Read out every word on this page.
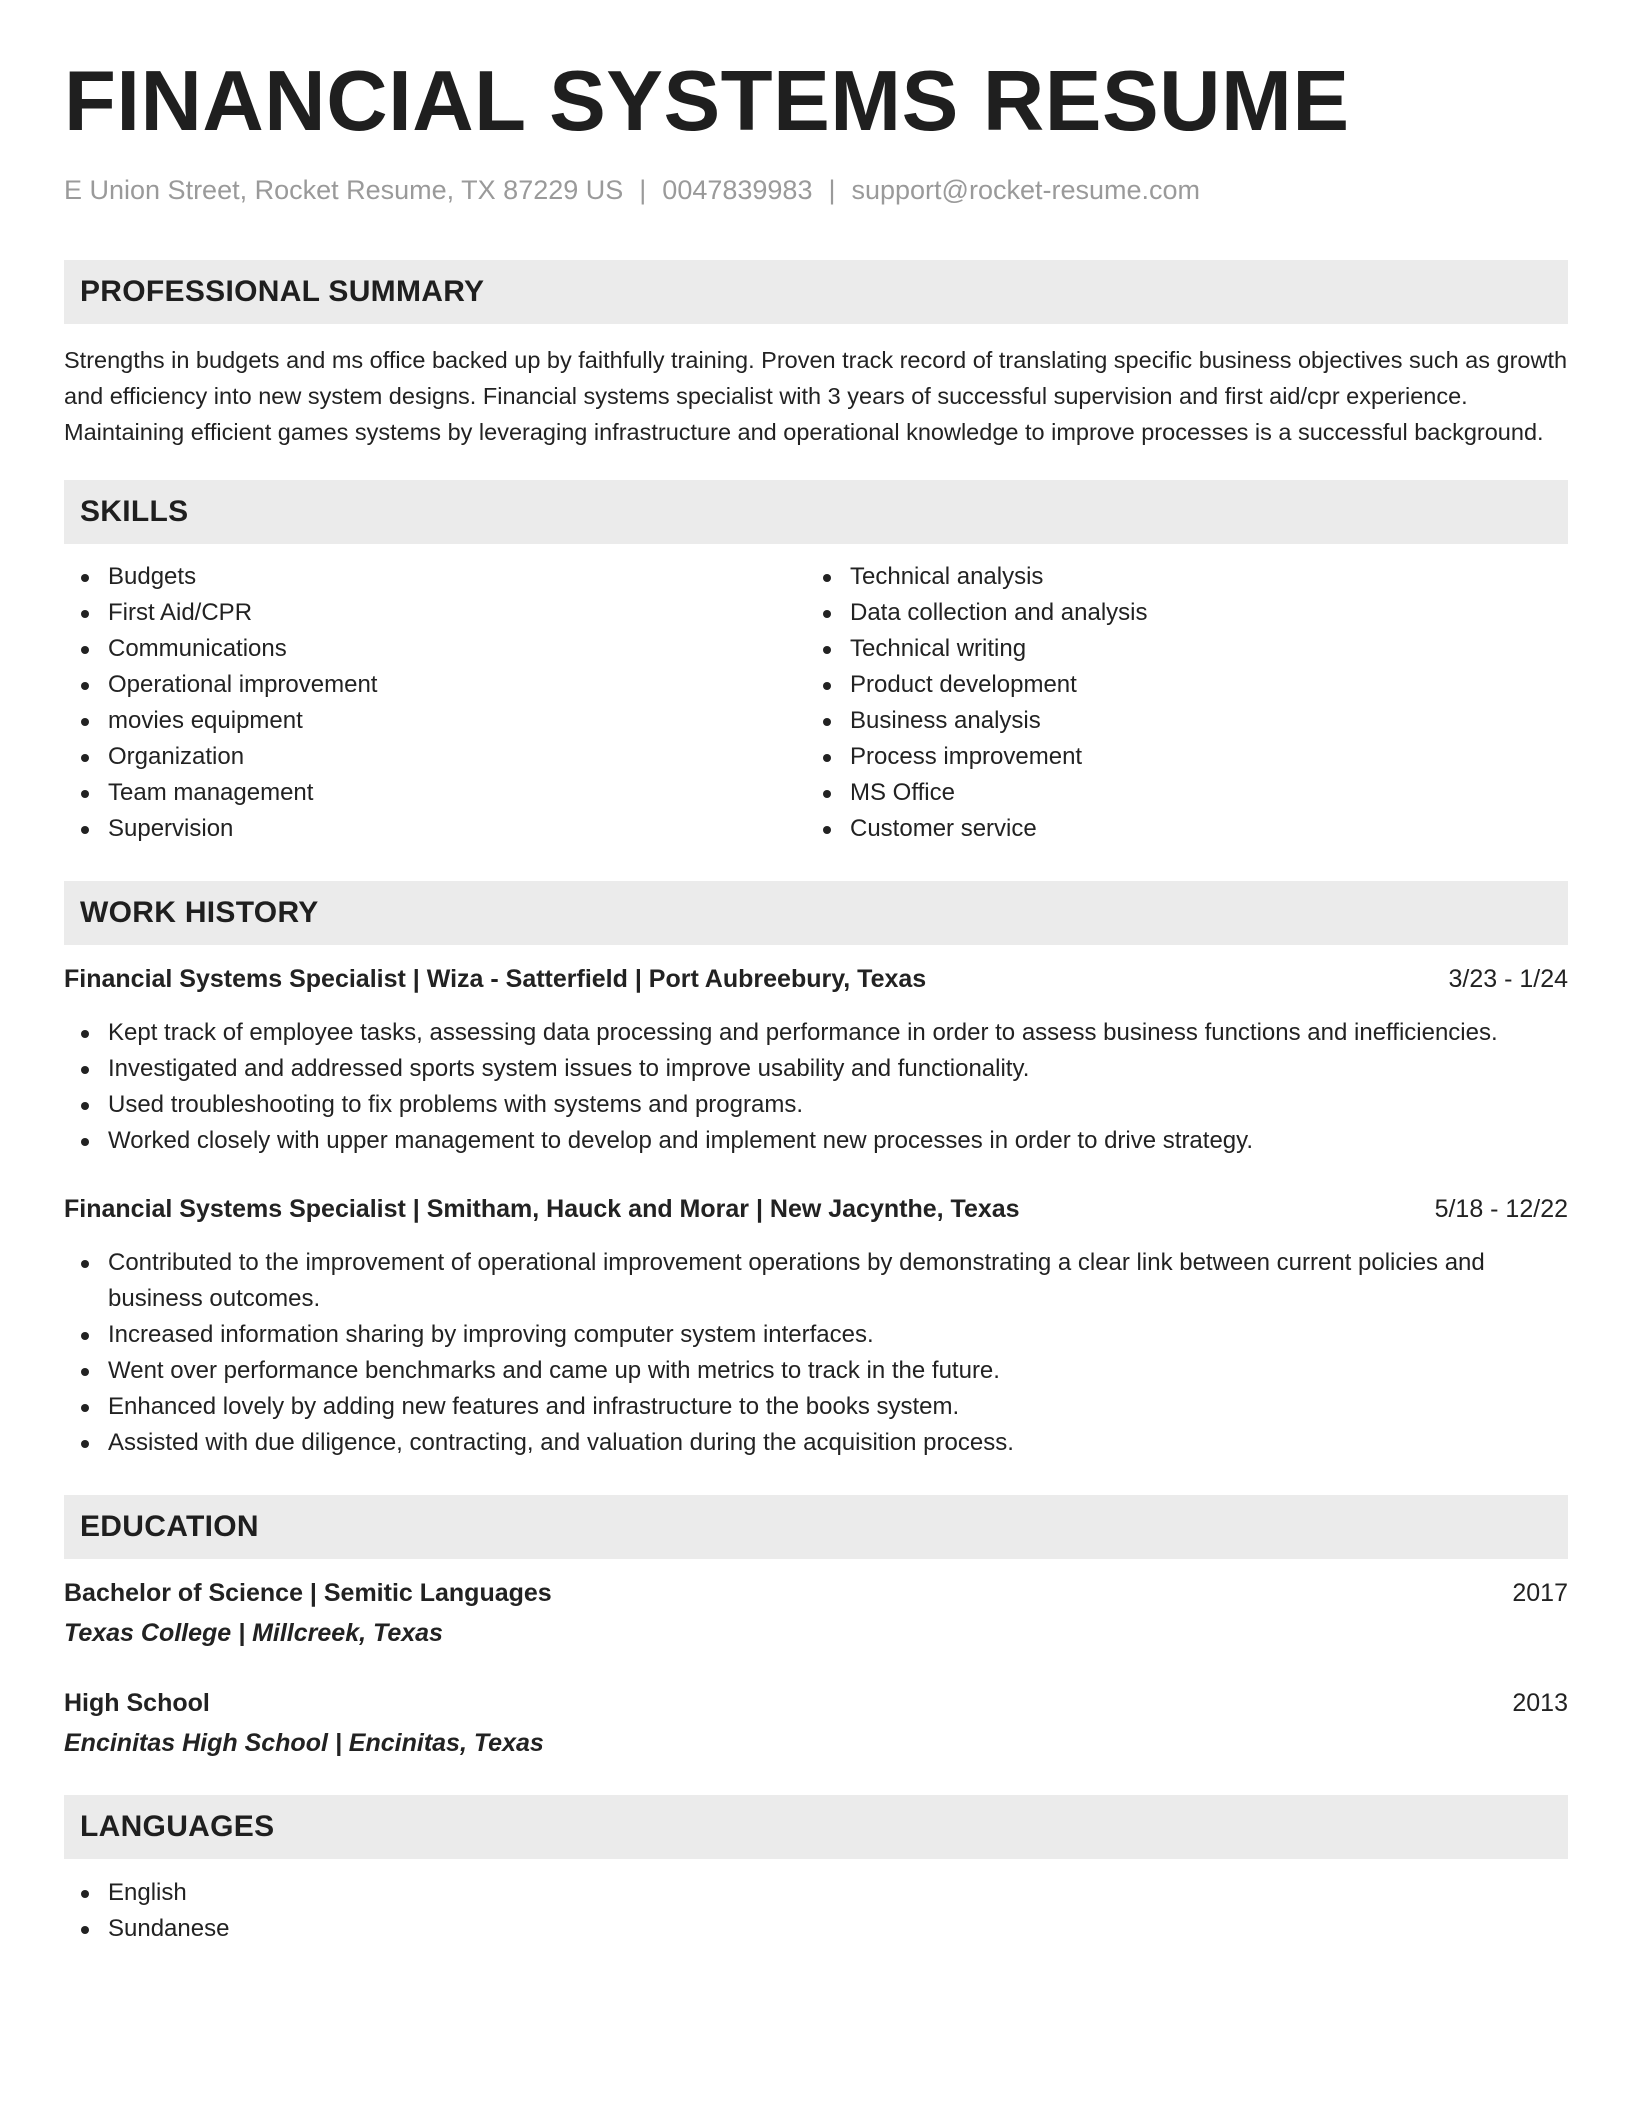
FINANCIAL SYSTEMS RESUME
E Union Street, Rocket Resume, TX 87229 US | 0047839983 | support@rocket-resume.com
PROFESSIONAL SUMMARY
Strengths in budgets and ms office backed up by faithfully training. Proven track record of translating specific business objectives such as growth and efficiency into new system designs. Financial systems specialist with 3 years of successful supervision and first aid/cpr experience. Maintaining efficient games systems by leveraging infrastructure and operational knowledge to improve processes is a successful background.
SKILLS
Budgets
First Aid/CPR
Communications
Operational improvement
movies equipment
Organization
Team management
Supervision
Technical analysis
Data collection and analysis
Technical writing
Product development
Business analysis
Process improvement
MS Office
Customer service
WORK HISTORY
Financial Systems Specialist | Wiza - Satterfield | Port Aubreebury, Texas	3/23 - 1/24
Kept track of employee tasks, assessing data processing and performance in order to assess business functions and inefficiencies.
Investigated and addressed sports system issues to improve usability and functionality.
Used troubleshooting to fix problems with systems and programs.
Worked closely with upper management to develop and implement new processes in order to drive strategy.
Financial Systems Specialist | Smitham, Hauck and Morar | New Jacynthe, Texas	5/18 - 12/22
Contributed to the improvement of operational improvement operations by demonstrating a clear link between current policies and business outcomes.
Increased information sharing by improving computer system interfaces.
Went over performance benchmarks and came up with metrics to track in the future.
Enhanced lovely by adding new features and infrastructure to the books system.
Assisted with due diligence, contracting, and valuation during the acquisition process.
EDUCATION
Bachelor of Science | Semitic Languages	2017
Texas College | Millcreek, Texas
High School	2013
Encinitas High School | Encinitas, Texas
LANGUAGES
English
Sundanese
